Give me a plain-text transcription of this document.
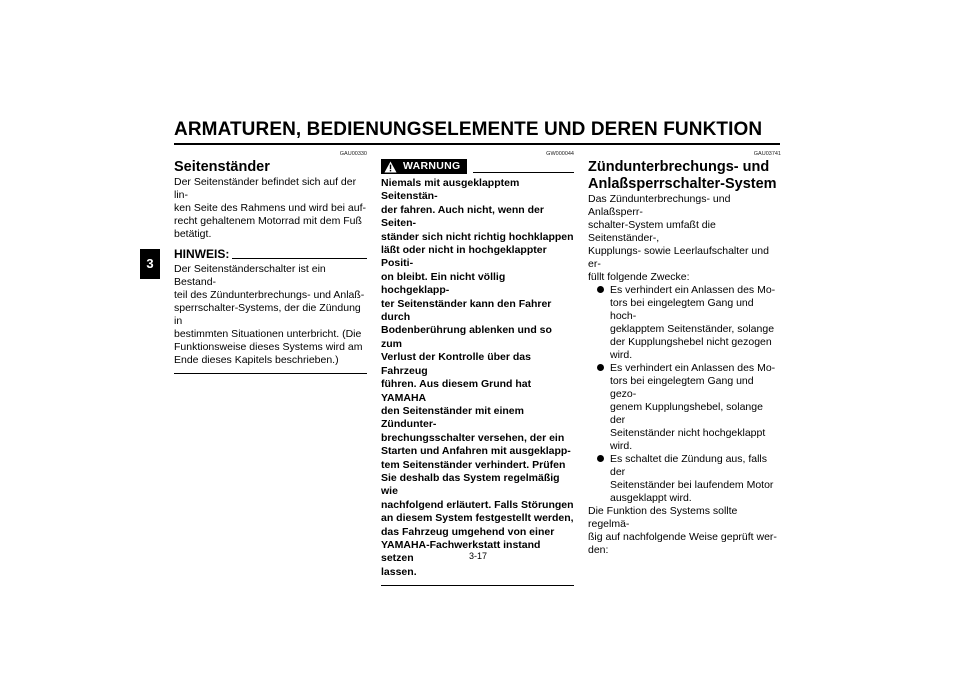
ARMATUREN, BEDIENUNGSELEMENTE UND DEREN FUNKTION
3
GAU00330
Seitenständer

Der Seitenständer befindet sich auf der lin-

ken Seite des Rahmens und wird bei auf-

recht gehaltenem Motorrad mit dem Fuß

betätigt.

HINWEIS:

Der Seitenständerschalter ist ein Bestand-

teil des Zündunterbrechungs- und Anlaß-

sperrschalter-Systems, der die Zündung in

bestimmten Situationen unterbricht. (Die

Funktionsweise dieses Systems wird am

Ende dieses Kapitels beschrieben.)

GW000044
WARNUNG

Niemals mit ausgeklapptem Seitenstän-

der fahren. Auch nicht, wenn der Seiten-

ständer sich nicht richtig hochklappen

läßt oder nicht in hochgeklappter Positi-

on bleibt. Ein nicht völlig hochgeklapp-

ter Seitenständer kann den Fahrer durch

Bodenberührung ablenken und so zum

Verlust der Kontrolle über das Fahrzeug

führen. Aus diesem Grund hat YAMAHA

den Seitenständer mit einem Zündunter-

brechungsschalter versehen, der ein

Starten und Anfahren mit ausgeklapp-

tem Seitenständer verhindert. Prüfen

Sie deshalb das System regelmäßig wie

nachfolgend erläutert. Falls Störungen

an diesem System festgestellt werden,

das Fahrzeug umgehend von einer

YAMAHA-Fachwerkstatt instand setzen

lassen.

GAU03741
Zündunterbrechungs- und
Anlaßsperrschalter-System

Das Zündunterbrechungs- und Anlaßsperr-

schalter-System umfaßt die Seitenständer-,

Kupplungs- sowie Leerlaufschalter und er-

füllt folgende Zwecke:

Es verhindert ein Anlassen des Mo-
tors bei eingelegtem Gang und hoch-
geklapptem Seitenständer, solange
der Kupplungshebel nicht gezogen
wird.
Es verhindert ein Anlassen des Mo-
tors bei eingelegtem Gang und gezo-
genem Kupplungshebel, solange der
Seitenständer nicht hochgeklappt
wird.
Es schaltet die Zündung aus, falls der
Seitenständer bei laufendem Motor
ausgeklappt wird.

Die Funktion des Systems sollte regelmä-

ßig auf nachfolgende Weise geprüft wer-

den:

3-17
